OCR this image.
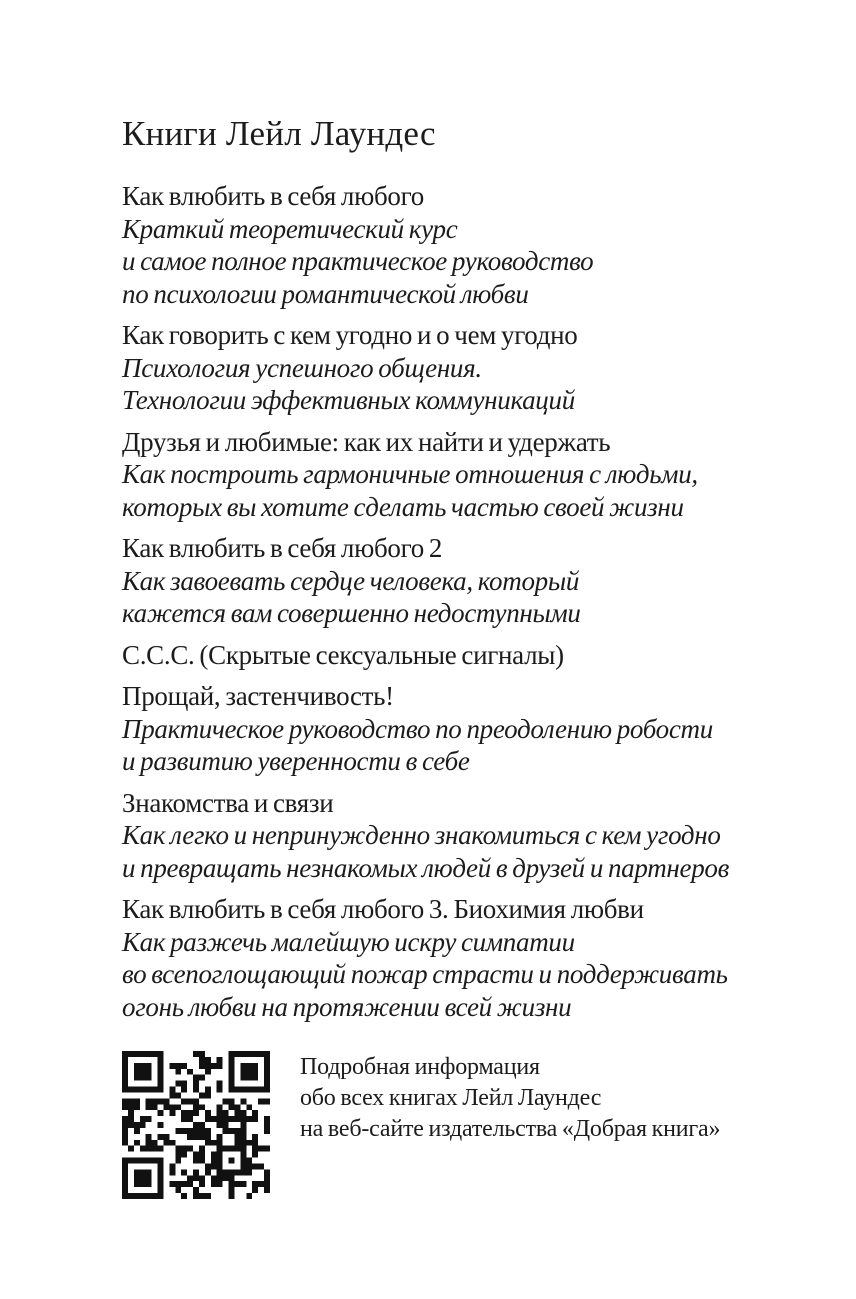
Книги Лейл Лаундес
Как влюбить в себя любого
Краткий теоретический курс
и самое полное практическое руководство
по психологии романтической любви
Как говорить с кем угодно и о чем угодно
Психология успешного общения.
Технологии эффективных коммуникаций
Друзья и любимые: как их найти и удержать
Как построить гармоничные отношения с людьми,
которых вы хотите сделать частью своей жизни
Как влюбить в себя любого 2
Как завоевать сердце человека, который
кажется вам совершенно недоступными
С.С.С. (Скрытые сексуальные сигналы)
Прощай, застенчивость!
Практическое руководство по преодолению робости
и развитию уверенности в себе
Знакомства и связи
Как легко и непринужденно знакомиться с кем угодно
и превращать незнакомых людей в друзей и партнеров
Как влюбить в себя любого 3. Биохимия любви
Как разжечь малейшую искру симпатии
во всепоглощающий пожар страсти и поддерживать
огонь любви на протяжении всей жизни
Подробная информация
обо всех книгах Лейл Лаундес
на веб-сайте издательства «Добрая книга»
